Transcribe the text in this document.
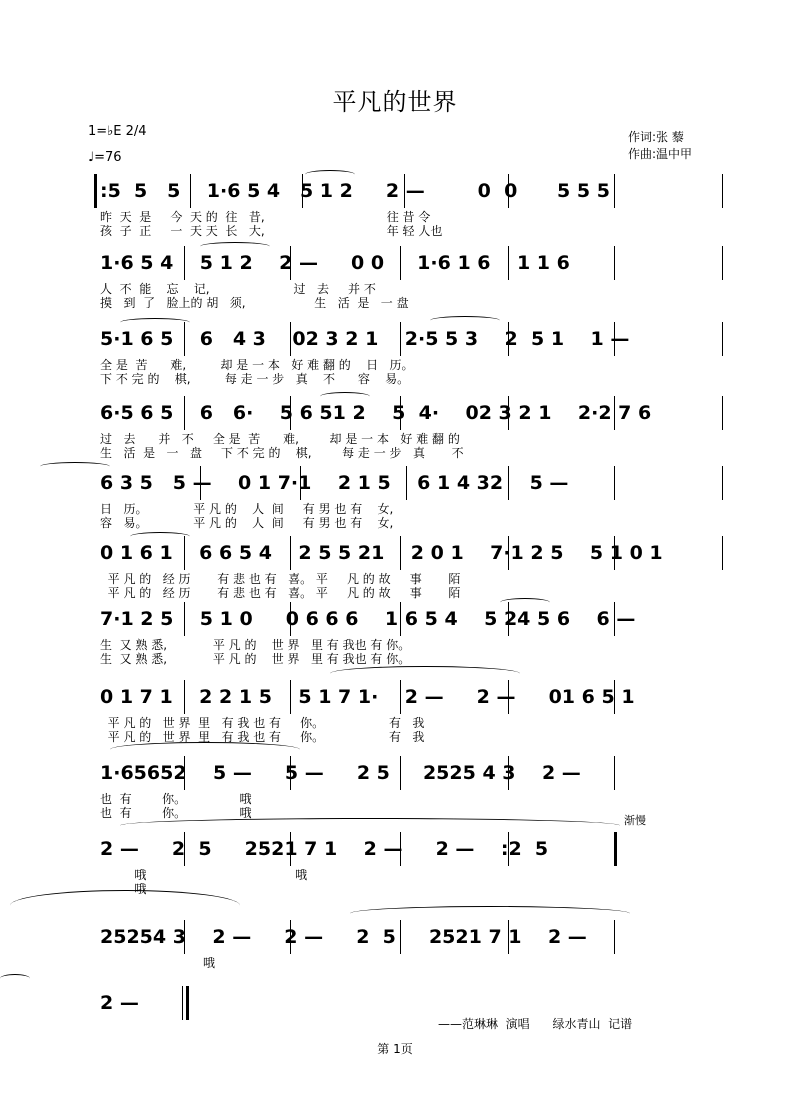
平凡的世界
1=♭E 2/4
♩=76
作词:张 藜
作曲:温中甲
:5  5   5    1·6 5 4   5 1 2     2 —        0  0      5 5 5
昨  天  是     今  天 的  往   昔,                                往 昔 令
孩  子  正     一  天 天  长   大,                                年 轻 人也
1·6 5 4    5 1 2    2 —     0 0     1·6 1 6    1 1 6
人  不  能    忘    记,                      过   去     并 不
摸   到  了   脸上的 胡   须,                  生   活  是   一 盘
5·1 6 5    6   4 3    02 3 2 1    2·5 5 3    2  5 1    1 —
全 是  苦      难,         却 是 一 本   好 难 翻 的    日   历。
下 不 完 的    棋,         每 走 一 步   真    不      容    易。
6·5 6 5    6   6·    5 6 51 2    5  4·    02 3 2 1    2·2 7 6
过   去      并   不     全 是  苦      难,        却 是 一 本   好 难 翻 的
生   活  是   一   盘     下 不 完 的    棋,        每 走 一 步   真       不
6 3 5   5 —    0 1 7·1    2 1 5    6 1 4 32    5 —
日   历。            平 凡 的    人  间     有 男 也 有    女,
容   易。            平 凡 的    人  间     有 男 也 有    女,
0 1 6 1    6 6 5 4    2 5 5 21    2 0 1    7·1 2 5    5 1 0 1
平 凡 的   经 历       有 悲 也 有   喜。 平     凡 的 故     事       陌
平 凡 的   经 历       有 悲 也 有   喜。 平     凡 的 故     事       陌
7·1 2 5    5 1 0     0 6 6 6    1 6 5 4    5 24 5 6    6 —
生  又 熟 悉,            平 凡 的    世 界   里 有 我也 有 你。
生  又 熟 悉,            平 凡 的    世 界   里 有 我也 有 你。
0 1 7 1    2 2 1 5    5 1 7 1·    2 —     2 —     01 6 5 1
平 凡 的   世 界  里   有 我 也 有     你。                 有   我
平 凡 的   世 界  里   有 我 也 有     你。                 有   我
1·65652    5 —     5 —     2 5     2525 4 3    2 —
也  有        你。              哦
也  有        你。              哦
渐慢
2 —     2  5     2521 7 1    2 —     2 —    :2  5
哦                                       哦
哦
25254 3    2 —     2 —     2  5     2521 7 1    2 —
哦
2 —
——范琳琳  演唱      绿水青山  记谱
第 1页
